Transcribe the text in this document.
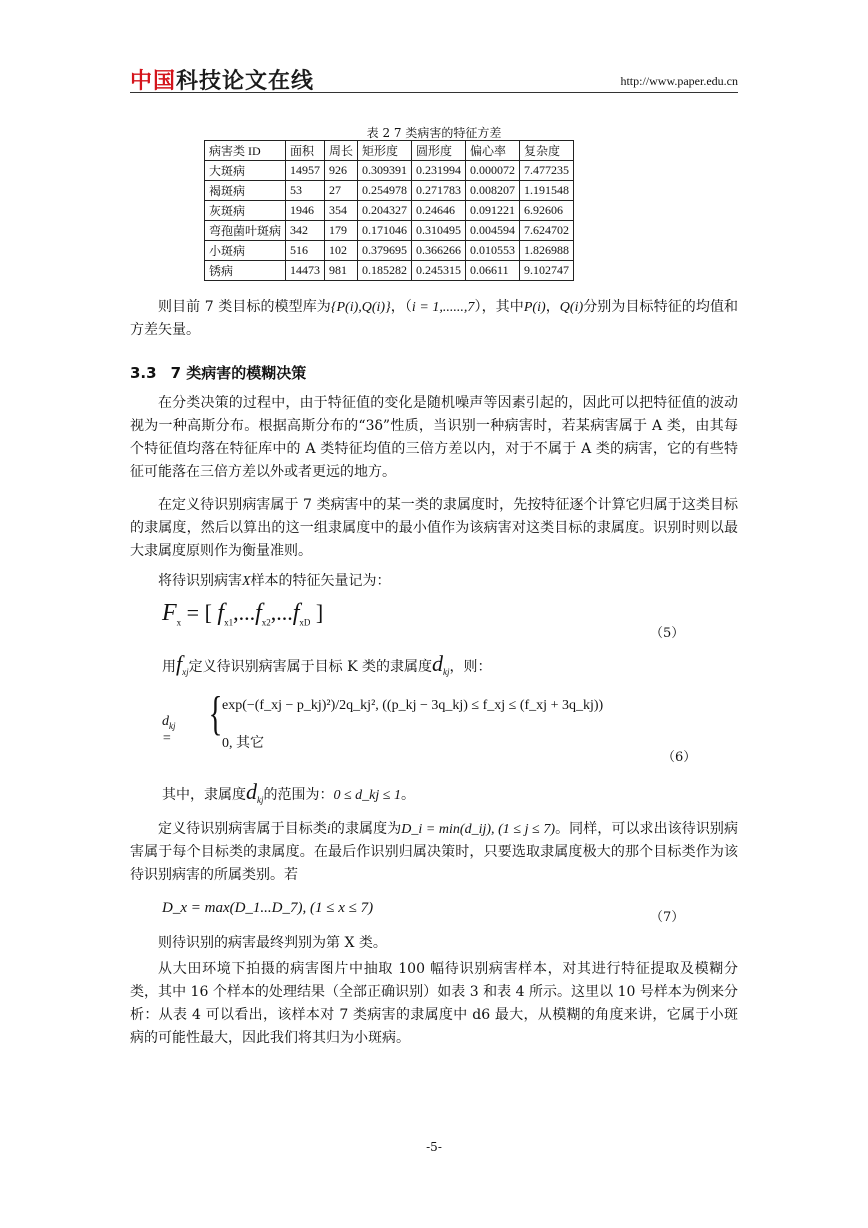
中国科技论文在线	http://www.paper.edu.cn
表 2 7 类病害的特征方差
病害类 ID	面积	周长	矩形度	圆形度	偏心率	复杂度
大斑病	14957	926	0.309391	0.231994	0.000072	7.477235
褐斑病	53	27	0.254978	0.271783	0.008207	1.191548
灰斑病	1946	354	0.204327	0.24646	0.091221	6.92606
弯孢菌叶斑病	342	179	0.171046	0.310495	0.004594	7.624702
小斑病	516	102	0.379695	0.366266	0.010553	1.826988
锈病	14473	981	0.185282	0.245315	0.06611	9.102747
则目前 7 类目标的模型库为{P(i),Q(i)}，（i = 1,......,7），其中P(i)，Q(i)分别为目标特征的均值和方差矢量。
3.3 7 类病害的模糊决策
在分类决策的过程中，由于特征值的变化是随机噪声等因素引起的，因此可以把特征值的波动视为一种高斯分布。根据高斯分布的“3δ”性质，当识别一种病害时，若某病害属于 A 类，由其每个特征值均落在特征库中的 A 类特征均值的三倍方差以内，对于不属于 A 类的病害，它的有些特征可能落在三倍方差以外或者更远的地方。
在定义待识别病害属于 7 类病害中的某一类的隶属度时，先按特征逐个计算它归属于这类目标的隶属度，然后以算出的这一组隶属度中的最小值作为该病害对这类目标的隶属度。识别时则以最大隶属度原则作为衡量准则。
将待识别病害X样本的特征矢量记为：
$F_x$ = [ $f_{x1},...f_{x2},...f_{xD}$ ]
（5）
用$f_{xj}$定义待识别病害属于目标 K 类的隶属度$d_{kj}$，则：
$d_{kj}$ = { exp(−(f_xj − p_kj)²)/2q_kj², ((p_kj − 3q_kj) ≤ f_xj ≤ (f_xj + 3q_kj))
0, 其它
（6）
其中，隶属度$d_{kj}$的范围为：0 ≤ d_kj ≤ 1。
定义待识别病害属于目标类i的隶属度为D_i = min(d_ij), (1 ≤ j ≤ 7)。同样，可以求出该待识别病害属于每个目标类的隶属度。在最后作识别归属决策时，只要选取隶属度极大的那个目标类作为该待识别病害的所属类别。若
D_x = max(D_1...D_7), (1 ≤ x ≤ 7)
（7）
则待识别的病害最终判别为第 X 类。
从大田环境下拍摄的病害图片中抽取 100 幅待识别病害样本，对其进行特征提取及模糊分类，其中 16 个样本的处理结果（全部正确识别）如表 3 和表 4 所示。这里以 10 号样本为例来分析：从表 4 可以看出，该样本对 7 类病害的隶属度中 d6 最大，从模糊的角度来讲，它属于小斑病的可能性最大，因此我们将其归为小斑病。
-5-
